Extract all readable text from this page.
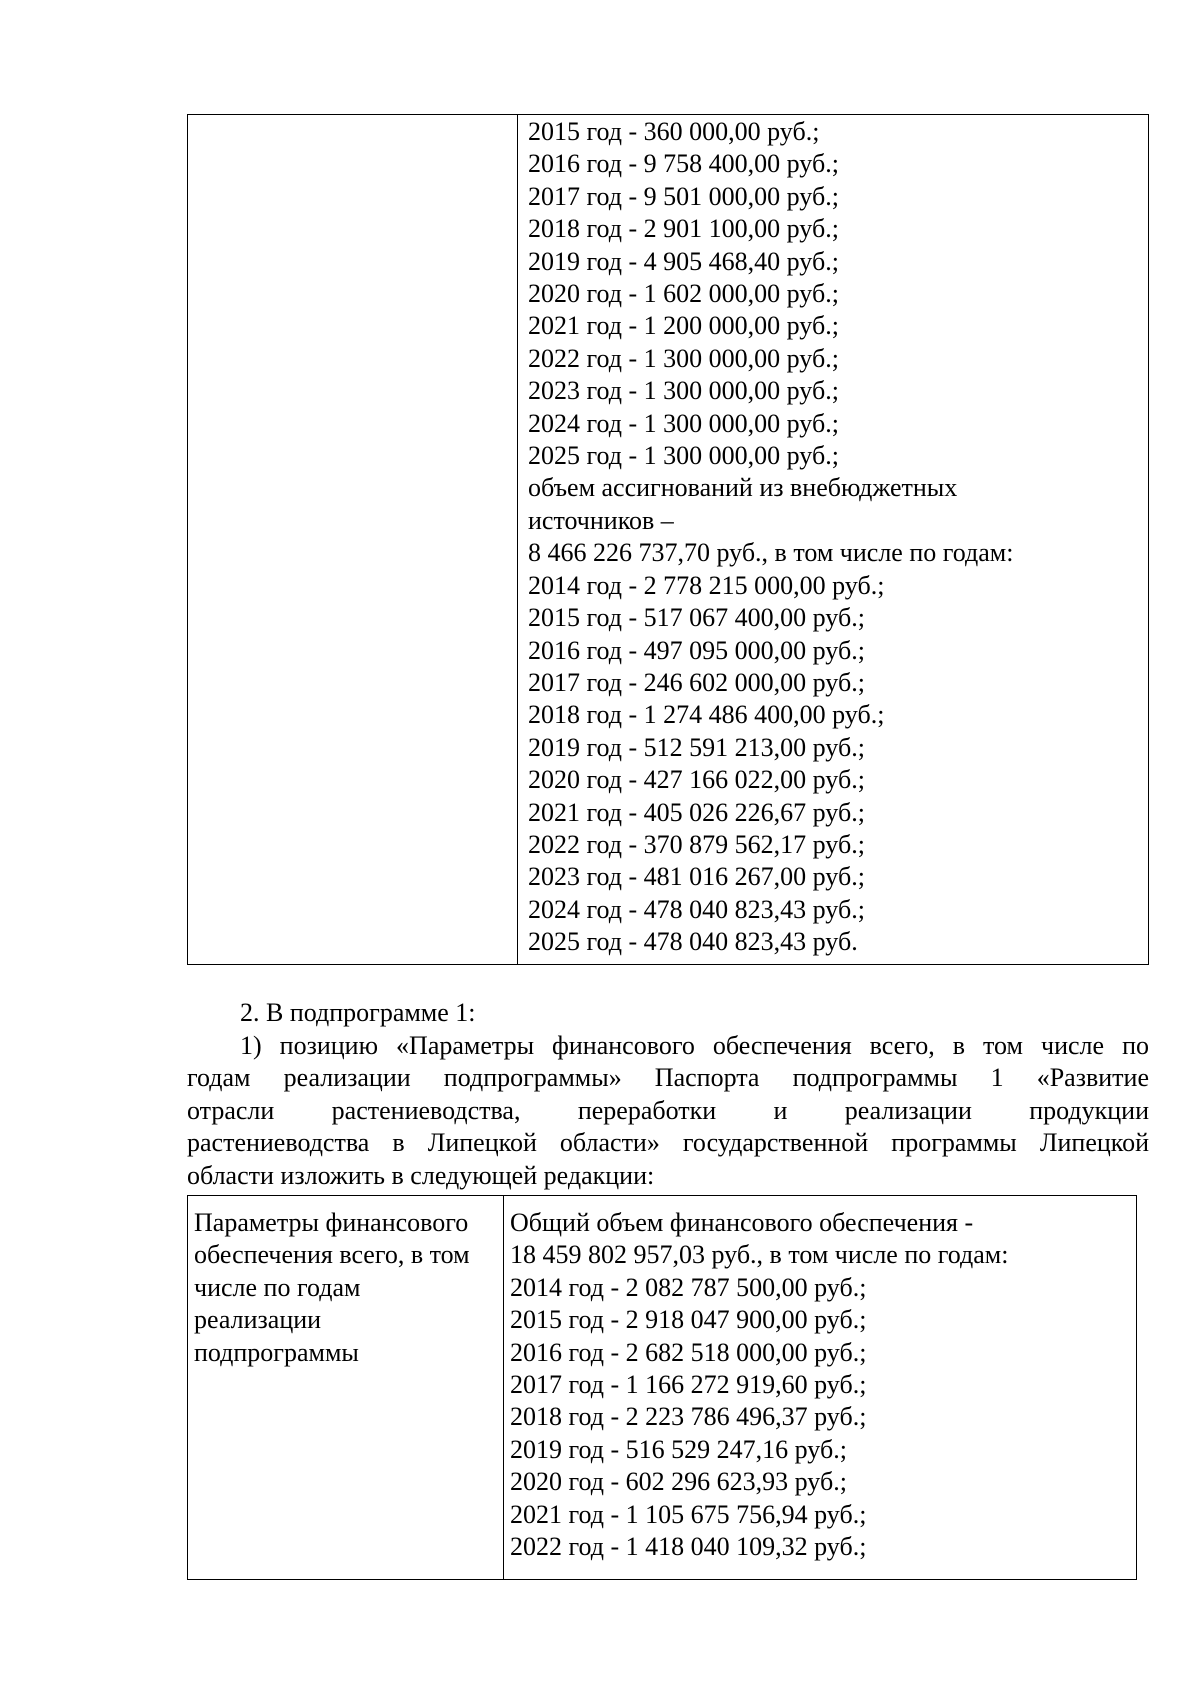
2015 год - 360 000,00 руб.;
2016 год - 9 758 400,00 руб.;
2017 год - 9 501 000,00 руб.;
2018 год - 2 901 100,00 руб.;
2019 год - 4 905 468,40 руб.;
2020 год - 1 602 000,00 руб.;
2021 год - 1 200 000,00 руб.;
2022 год - 1 300 000,00 руб.;
2023 год - 1 300 000,00 руб.;
2024 год - 1 300 000,00 руб.;
2025 год - 1 300 000,00 руб.;
объем ассигнований из внебюджетных
источников –
8 466 226 737,70 руб., в том числе по годам:
2014 год - 2 778 215 000,00 руб.;
2015 год - 517 067 400,00 руб.;
2016 год - 497 095 000,00 руб.;
2017 год - 246 602 000,00 руб.;
2018 год - 1 274 486 400,00 руб.;
2019 год - 512 591 213,00 руб.;
2020 год - 427 166 022,00 руб.;
2021 год - 405 026 226,67 руб.;
2022 год - 370 879 562,17 руб.;
2023 год - 481 016 267,00 руб.;
2024 год - 478 040 823,43 руб.;
2025 год - 478 040 823,43 руб.
2. В подпрограмме 1:
1) позицию «Параметры финансового обеспечения всего, в том числе по
годам реализации подпрограммы» Паспорта подпрограммы 1 «Развитие
отрасли растениеводства, переработки и реализации продукции
растениеводства в Липецкой области» государственной программы Липецкой
области изложить в следующей редакции:
Параметры финансового
обеспечения всего, в том
числе по годам
реализации
подпрограммы
Общий объем финансового обеспечения -
18 459 802 957,03 руб., в том числе по годам:
2014 год - 2 082 787 500,00 руб.;
2015 год - 2 918 047 900,00 руб.;
2016 год - 2 682 518 000,00 руб.;
2017 год - 1 166 272 919,60 руб.;
2018 год - 2 223 786 496,37 руб.;
2019 год - 516 529 247,16 руб.;
2020 год - 602 296 623,93 руб.;
2021 год - 1 105 675 756,94 руб.;
2022 год - 1 418 040 109,32 руб.;
